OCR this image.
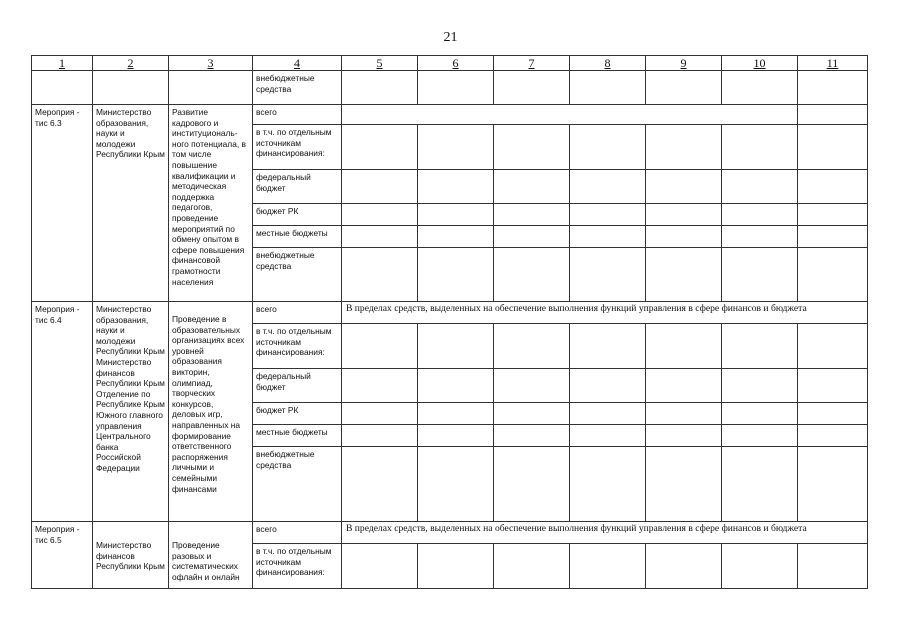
21
1	2	3	4	5	6	7	8	9	10	11
			внебюджетные средства							
Мероприя - тис 6.3	Министерство образования, науки и молодежи Республики Крым	Развитие кадрового и институциональ-ного потенциала, в том числе повышение квалификации и методическая поддержка педагогов, проведение мероприятий по обмену опытом в сфере повышения финансовой грамотности населения	всего							
			в т.ч. по отдельным источникам финансирования:							
			федеральный бюджет							
			бюджет РК							
			местные бюджеты							
			внебюджетные средства							
Мероприя - тис 6.4	Министерство образования, науки и молодежи Республики Крым Министерство финансов Республики Крым Отделение по Республике Крым Южного главного управления Центрального банка Российской Федерации	Проведение в образовательных организациях всех уровней образования викторин, олимпиад, творческих конкурсов, деловых игр, направленных на формирование ответственного распоряжения личными и семейными финансами	всего	В пределах средств, выделенных на обеспечение выполнения функций управления в сфере финансов и бюджета						
			в т.ч. по отдельным источникам финансирования:							
			федеральный бюджет							
			бюджет РК							
			местные бюджеты							
			внебюджетные средства							
Мероприя - тис 6.5	Министерство финансов Республики Крым	Проведение разовых и систематических офлайн и онлайн	всего	В пределах средств, выделенных на обеспечение выполнения функций управления в сфере финансов и бюджета						
			в т.ч. по отдельным источникам финансирования:							
